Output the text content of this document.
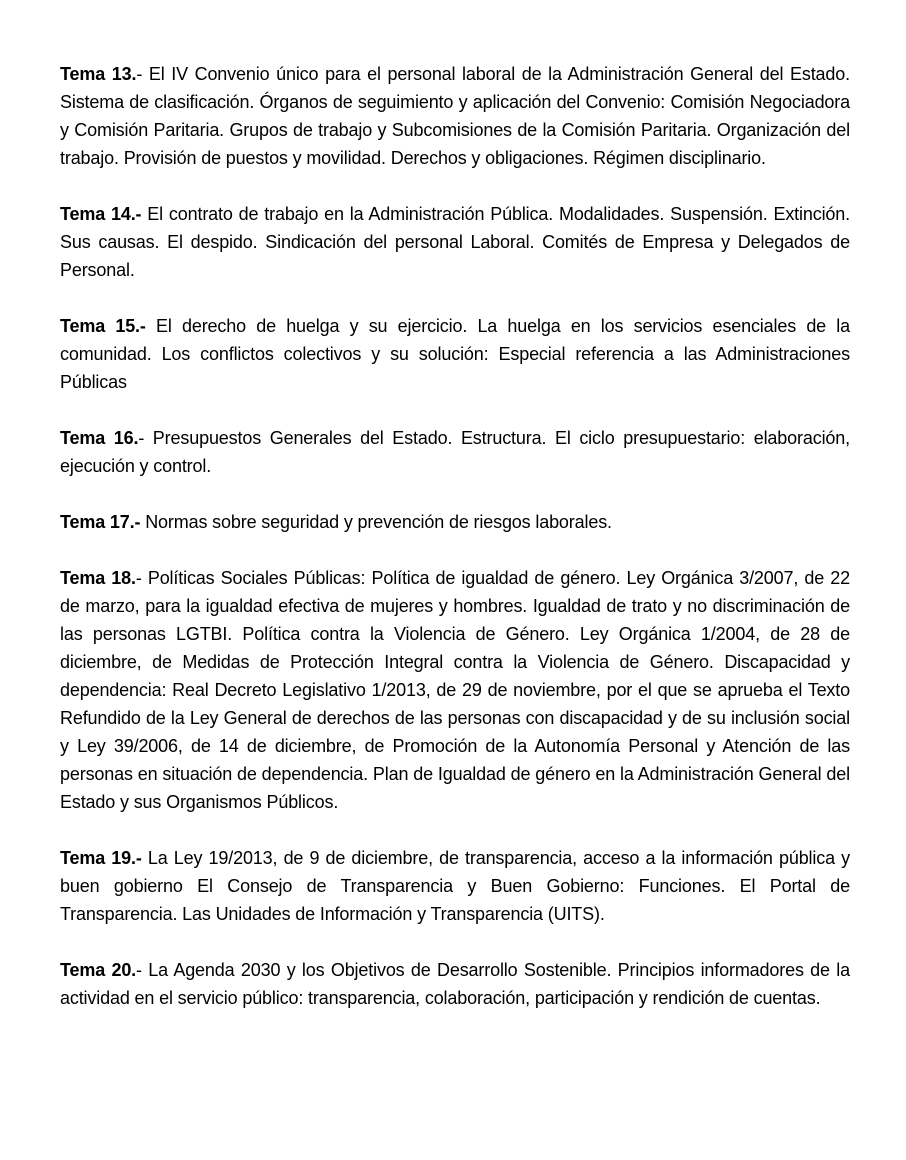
Tema 13.- El IV Convenio único para el personal laboral de la Administración General del Estado. Sistema de clasificación. Órganos de seguimiento y aplicación del Convenio: Comisión Negociadora y Comisión Paritaria. Grupos de trabajo y Subcomisiones de la Comisión Paritaria. Organización del trabajo. Provisión de puestos y movilidad. Derechos y obligaciones. Régimen disciplinario.

Tema 14.- El contrato de trabajo en la Administración Pública. Modalidades. Suspensión. Extinción. Sus causas. El despido. Sindicación del personal Laboral. Comités de Empresa y Delegados de Personal.

Tema 15.- El derecho de huelga y su ejercicio. La huelga en los servicios esenciales de la comunidad. Los conflictos colectivos y su solución: Especial referencia a las Administraciones Públicas

Tema 16.- Presupuestos Generales del Estado. Estructura. El ciclo presupuestario: elaboración, ejecución y control.

Tema 17.- Normas sobre seguridad y prevención de riesgos laborales.

Tema 18.- Políticas Sociales Públicas: Política de igualdad de género. Ley Orgánica 3/2007, de 22 de marzo, para la igualdad efectiva de mujeres y hombres. Igualdad de trato y no discriminación de las personas LGTBI. Política contra la Violencia de Género. Ley Orgánica 1/2004, de 28 de diciembre, de Medidas de Protección Integral contra la Violencia de Género. Discapacidad y dependencia: Real Decreto Legislativo 1/2013, de 29 de noviembre, por el que se aprueba el Texto Refundido de la Ley General de derechos de las personas con discapacidad y de su inclusión social y Ley 39/2006, de 14 de diciembre, de Promoción de la Autonomía Personal y Atención de las personas en situación de dependencia. Plan de Igualdad de género en la Administración General del Estado y sus Organismos Públicos.

Tema 19.- La Ley 19/2013, de 9 de diciembre, de transparencia, acceso a la información pública y buen gobierno El Consejo de Transparencia y Buen Gobierno: Funciones. El Portal de Transparencia. Las Unidades de Información y Transparencia (UITS).

Tema 20.- La Agenda 2030 y los Objetivos de Desarrollo Sostenible. Principios informadores de la actividad en el servicio público: transparencia, colaboración, participación y rendición de cuentas.
